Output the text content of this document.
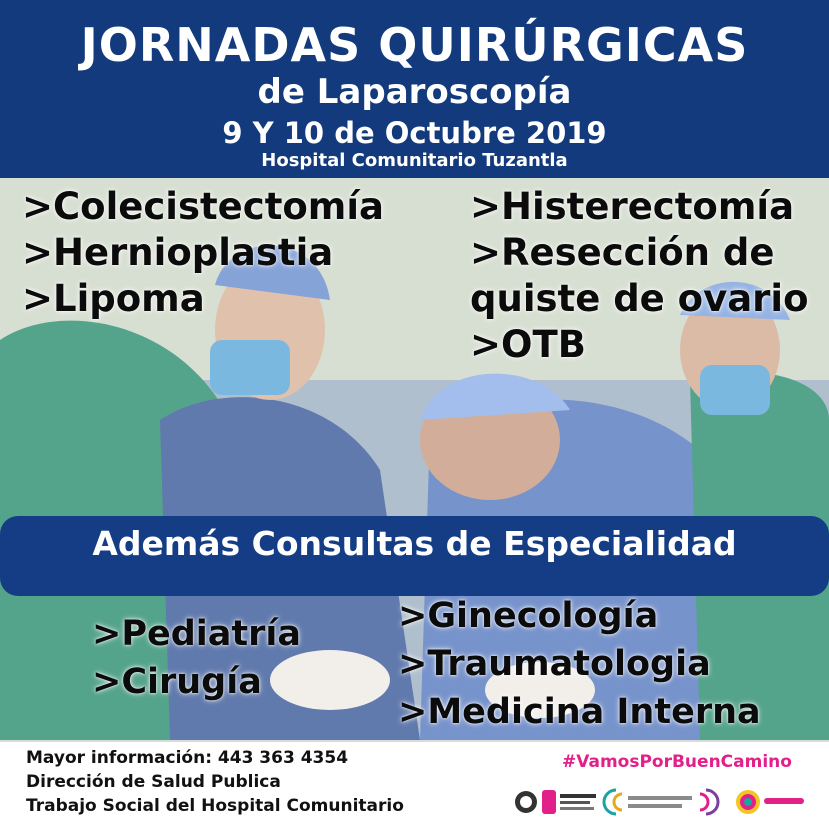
JORNADAS QUIRÚRGICAS
de Laparoscopía
9 Y 10 de Octubre 2019
Hospital Comunitario Tuzantla
>Colecistectomía
>Hernioplastia
>Lipoma
>Histerectomía
>Resección de
quiste de ovario
>OTB
Además Consultas de Especialidad
>Pediatría
>Cirugía
>Ginecología
>Traumatologia
>Medicina Interna
Mayor información: 443 363 4354
Dirección de Salud Publica
Trabajo Social del Hospital Comunitario
#VamosPorBuenCamino
